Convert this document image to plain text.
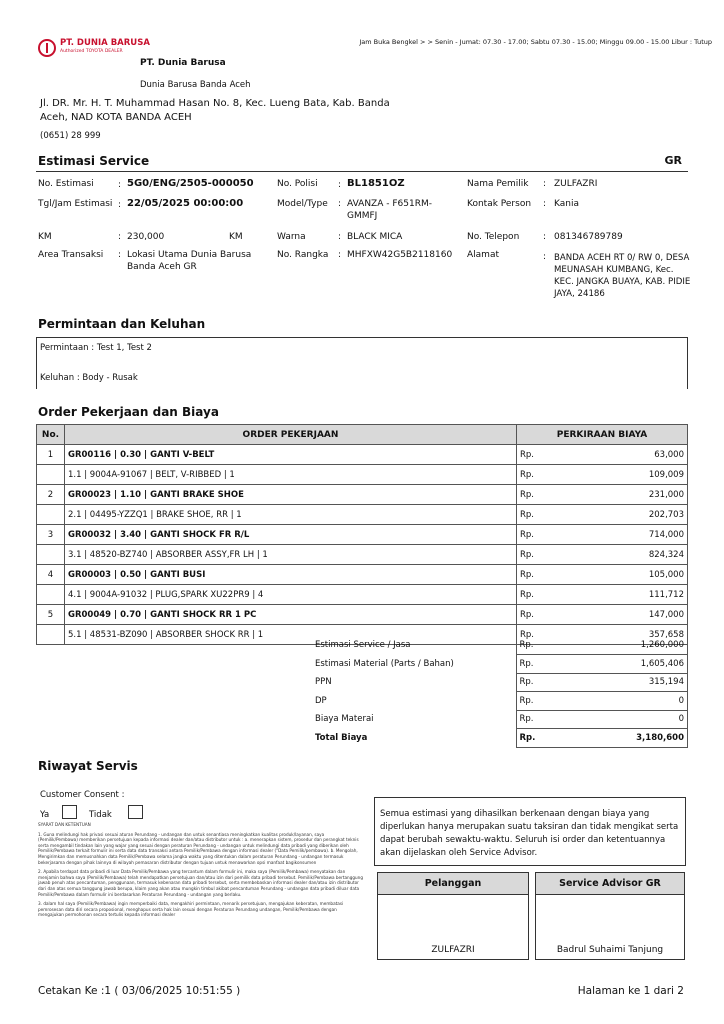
PT. DUNIA BARUSA
Authorized TOYOTA DEALER
Jam Buka Bengkel > > Senin - Jumat: 07.30 - 17.00; Sabtu 07.30 - 15.00; Minggu 09.00 - 15.00 Libur : Tutup
PT. Dunia Barusa
Dunia Barusa Banda Aceh
Jl. DR. Mr. H. T. Muhammad Hasan No. 8, Kec. Lueng Bata, Kab. Banda Aceh, NAD KOTA BANDA ACEH
(0651) 28 999
Estimasi Service	GR
No. Estimasi	: 5G0/ENG/2505-000050
Tgl/Jam Estimasi : 22/05/2025 00:00:00
KM	: 230,000	KM
Area Transaksi : Lokasi Utama Dunia Barusa Banda Aceh GR
No. Polisi : BL1851OZ
Model/Type : AVANZA - F651RM-GMMFJ
Warna	: BLACK MICA
No. Rangka : MHFXW42G5B2118160
Nama Pemilik : ZULFAZRI
Kontak Person : Kania
No. Telepon	: 081346789789
Alamat	: BANDA ACEH RT 0/ RW 0, DESA MEUNASAH KUMBANG, Kec. KEC. JANGKA BUAYA, KAB. PIDIE JAYA, 24186
Permintaan dan Keluhan
Permintaan : Test 1, Test 2
Keluhan : Body - Rusak
Order Pekerjaan dan Biaya
No.	ORDER PEKERJAAN	PERKIRAAN BIAYA	
1	GR00116 | 0.30 | GANTI V-BELT	Rp.	63,000
	1.1 | 9004A-91067 | BELT, V-RIBBED | 1	Rp.	109,009
2	GR00023 | 1.10 | GANTI BRAKE SHOE	Rp.	231,000
	2.1 | 04495-YZZQ1 | BRAKE SHOE, RR | 1	Rp.	202,703
3	GR00032 | 3.40 | GANTI SHOCK FR R/L	Rp.	714,000
	3.1 | 48520-BZ740 | ABSORBER ASSY,FR LH | 1	Rp.	824,324
4	GR00003 | 0.50 | GANTI BUSI	Rp.	105,000
	4.1 | 9004A-91032 | PLUG,SPARK XU22PR9 | 4	Rp.	111,712
5	GR00049 | 0.70 | GANTI SHOCK RR 1 PC	Rp.	147,000
	5.1 | 48531-BZ090 | ABSORBER SHOCK RR | 1	Rp.	357,658
Estimasi Service / Jasa	Rp.	1,260,000
Estimasi Material (Parts / Bahan)	Rp.	1,605,406
PPN	Rp.	315,194
DP	Rp.	0
Biaya Materai	Rp.	0
Total Biaya	Rp.	3,180,600
Riwayat Servis
Customer Consent :
Ya	Tidak

SYARAT DAN KETENTUAN

1. Guna melindungi hak privasi sesuai aturan Perundang - undangan dan untuk senantiasa meningkatkan kualitas produk/layanan, saya (Pemilik/Pembawa) memberikan persetujuan kepada informasi dealer dan/atau distributor untuk : a. menerapkan sistem, prosedur dan perangkat teknis serta mengambil tindakan lain yang wajar yang sesuai dengan peraturan Perundang - undangan untuk melindungi data pribadi yang diberikan oleh Pemilik/Pembawa terkait formulir ini serta data data transaksi antara Pemilik/Pembawa dengan informasi dealer ("Data Pemilik/pembawa). b. Mengolah, Mengirimkan dan memusnahkan data Pemilik/Pembawa selama jangka waktu yang ditentukan dalam peraturan Perundang - undangan termasuk bekerjasama dengan pihak lainnya di wilayah pemasaran distributor dengan tujuan untuk menawarkan opsi manfaat bagikonsumen

2. Apabila terdapat data pribadi di luar Data Pemilik/Pembawa yang tercantum dalam formulir ini, maka saya (Pemilik/Pembawa) menyatakan dan menjamin bahwa saya (Pemilik/Pembawa) telah mendapatkan persetujuan dan/atau izin dari pemilik data pribadi tersebut. Pemilik/Pembawa bertanggung jawab penuh atas pencantuman, penggunaan, termasuk kebenaran data pribadi tersebut, serta membebaskan informasi dealer dan/atau izin distributor dari dan atas semua tanggung jawab berupa, klaim yang akan atau mungkin timbul akibat pencantuman Perundang - undangan data pribadi diluar data Pemilik/Pembawa dalam formulir ini berdasarkan Peraturan Perundang - undangan yang berlaku.

3. dalam hal saya (Pemilik/Pembawa) ingin memperbaiki data, mengakhiri permintaan, menarik persetujuan, mengajukan keberatan, membatasi pemrosesan data diri secara proposional, menghapus serta hak lain sesuai dengan Peraturan Perundang undangan, Pemilik/Pembawa dengan mengajukan permohonan secara tertulis kepada informasi dealer

Semua estimasi yang dihasilkan berkenaan dengan biaya yang diperlukan hanya merupakan suatu taksiran dan tidak mengikat serta dapat berubah sewaktu-waktu. Seluruh isi order dan ketentuannya akan dijelaskan oleh Service Advisor.
Pelanggan
ZULFAZRI
Service Advisor GR
Badrul Suhaimi Tanjung
Cetakan Ke :1 ( 03/06/2025 10:51:55 )	Halaman ke 1 dari 2
